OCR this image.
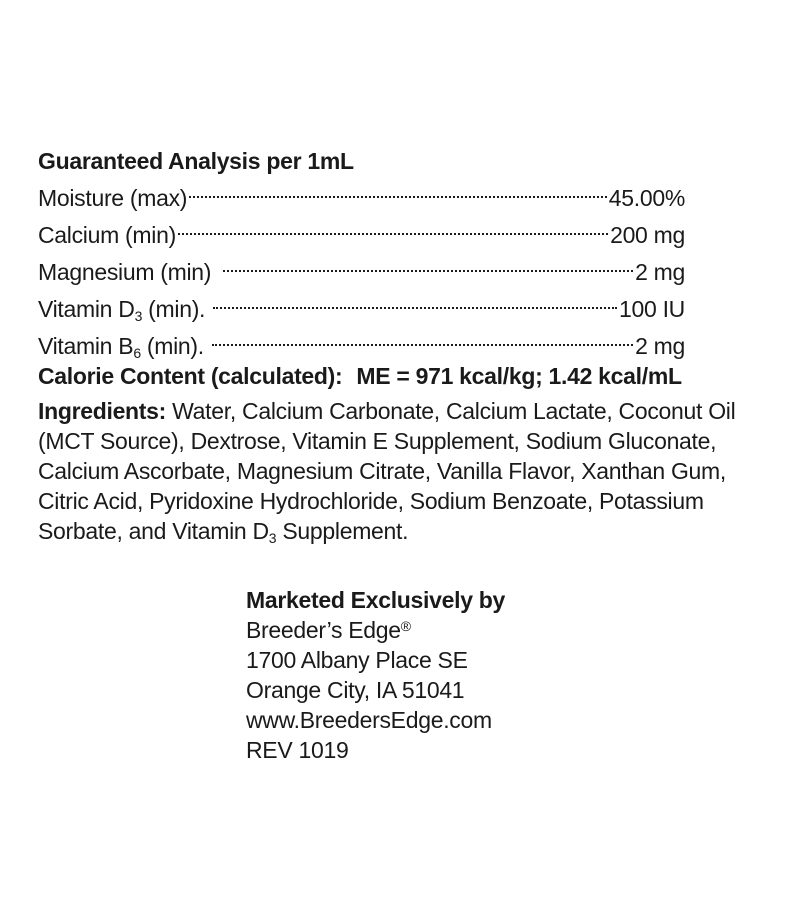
Guaranteed Analysis per 1mL
Moisture (max)	45.00%
Calcium (min)	200 mg
Magnesium (min)	2 mg
Vitamin $D_3$ (min).	100 IU
Vitamin $B_6$ (min).	2 mg
Calorie Content (calculated): ME = 971 kcal/kg; 1.42 kcal/mL
Ingredients: Water, Calcium Carbonate, Calcium Lactate, Coconut Oil (MCT Source), Dextrose, Vitamin E Supplement, Sodium Gluconate, Calcium Ascorbate, Magnesium Citrate, Vanilla Flavor, Xanthan Gum, Citric Acid, Pyridoxine Hydrochloride, Sodium Benzoate, Potassium Sorbate, and Vitamin $D_3$ Supplement.
Marketed Exclusively by
Breeder’s Edge®
1700 Albany Place SE
Orange City, IA 51041
www.BreedersEdge.com
REV 1019
